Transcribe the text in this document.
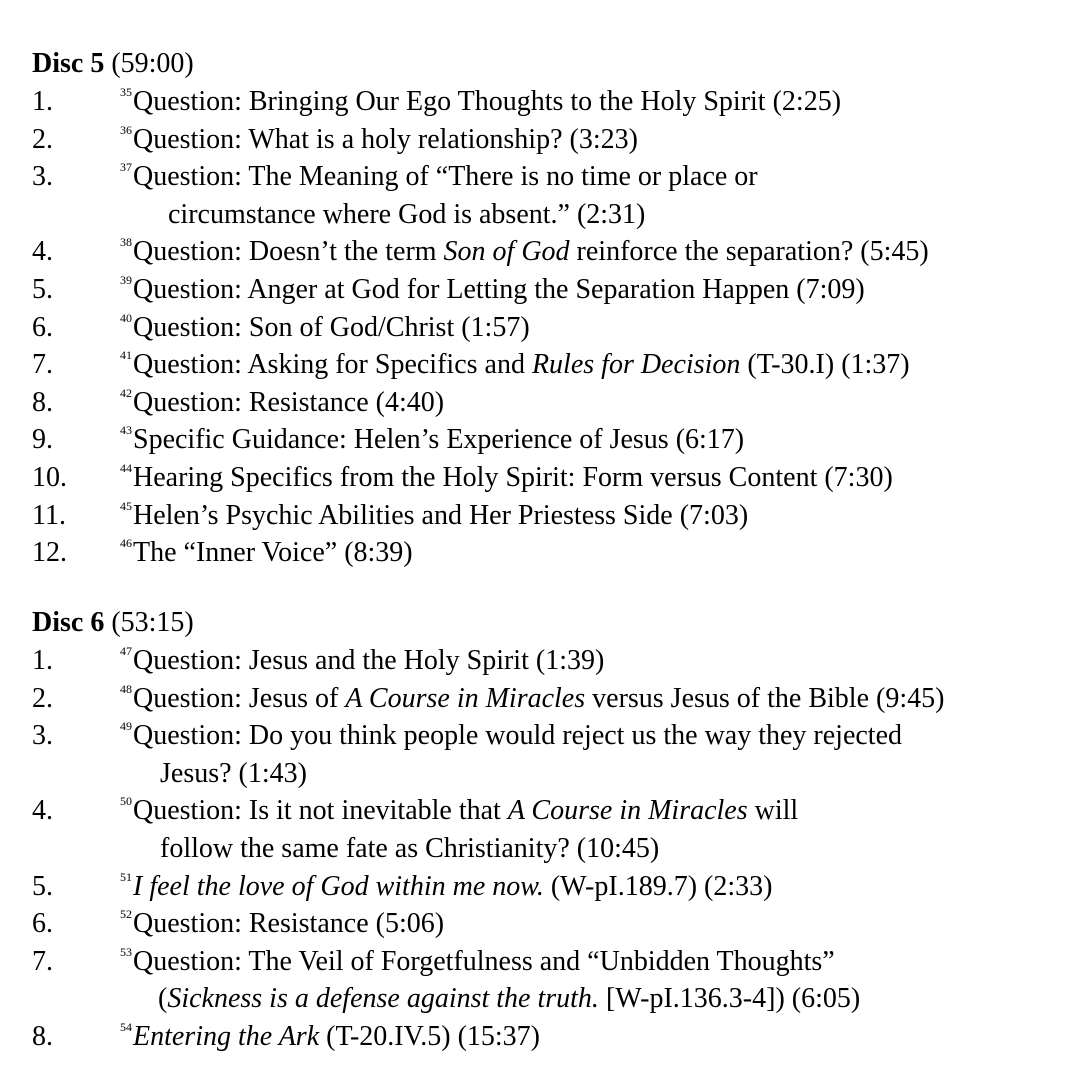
Disc 5 (59:00)
1.	$^{35}$Question: Bringing Our Ego Thoughts to the Holy Spirit (2:25)
2.	$^{36}$Question: What is a holy relationship? (3:23)
3.	$^{37}$Question: The Meaning of “There is no time or place or
circumstance where God is absent.” (2:31)
4.	$^{38}$Question: Doesn’t the term Son of God reinforce the separation? (5:45)
5.	$^{39}$Question: Anger at God for Letting the Separation Happen (7:09)
6.	$^{40}$Question: Son of God/Christ (1:57)
7.	$^{41}$Question: Asking for Specifics and Rules for Decision (T-30.I) (1:37)
8.	$^{42}$Question: Resistance (4:40)
9.	$^{43}$Specific Guidance: Helen’s Experience of Jesus (6:17)
10.	$^{44}$Hearing Specifics from the Holy Spirit: Form versus Content (7:30)
11.	$^{45}$Helen’s Psychic Abilities and Her Priestess Side (7:03)
12.	$^{46}$The “Inner Voice” (8:39)
Disc 6 (53:15)
1.	$^{47}$Question: Jesus and the Holy Spirit (1:39)
2.	$^{48}$Question: Jesus of A Course in Miracles versus Jesus of the Bible (9:45)
3.	$^{49}$Question: Do you think people would reject us the way they rejected
Jesus? (1:43)
4.	$^{50}$Question: Is it not inevitable that A Course in Miracles will
follow the same fate as Christianity? (10:45)
5.	$^{51}$I feel the love of God within me now. (W-pI.189.7) (2:33)
6.	$^{52}$Question: Resistance (5:06)
7.	$^{53}$Question: The Veil of Forgetfulness and “Unbidden Thoughts”
(Sickness is a defense against the truth. [W-pI.136.3-4]) (6:05)
8.	$^{54}$Entering the Ark (T-20.IV.5) (15:37)
